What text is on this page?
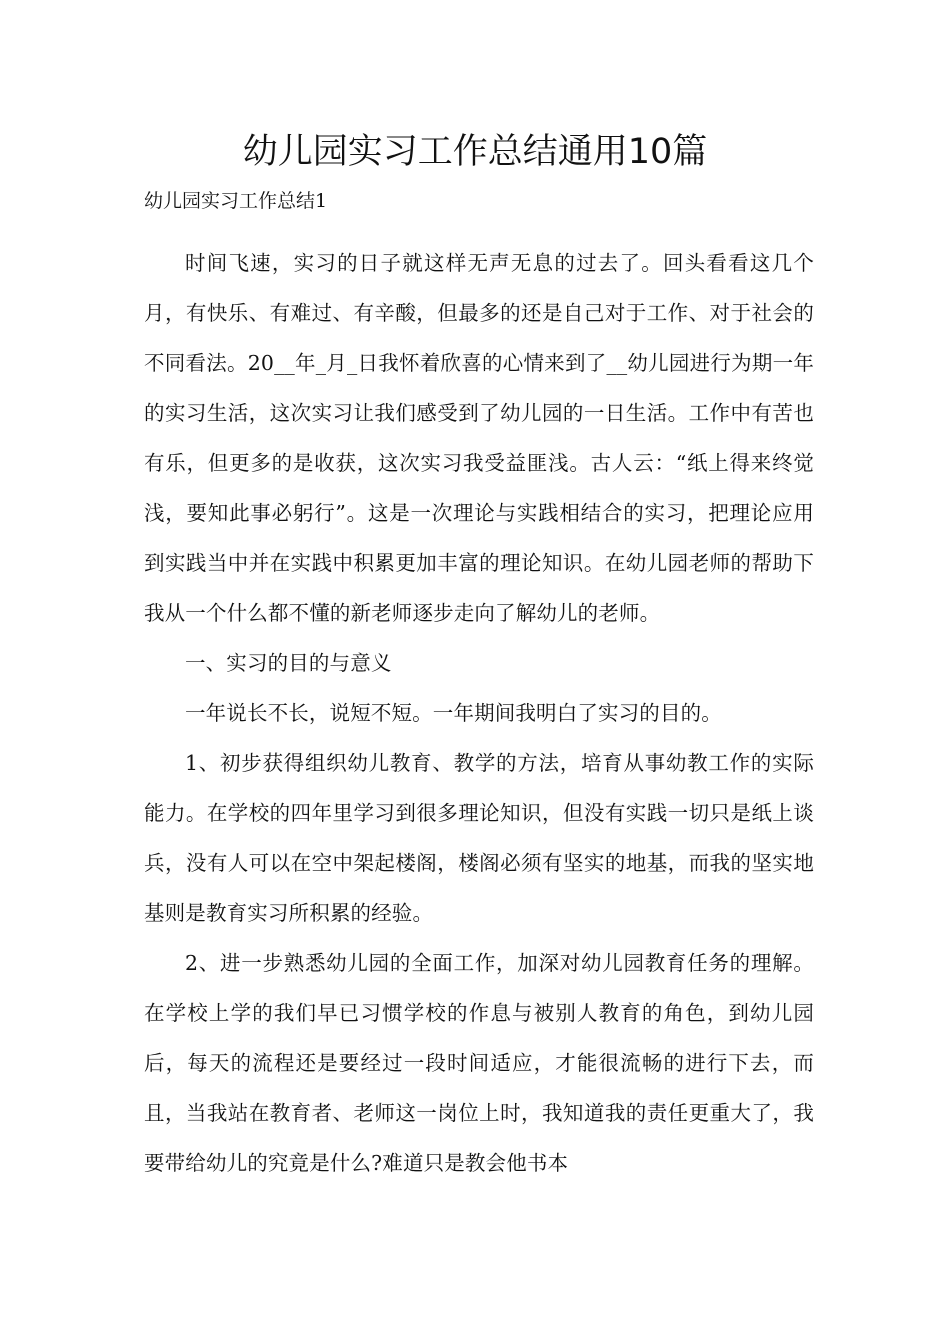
幼儿园实习工作总结通用10篇
幼儿园实习工作总结1

时间飞速，实习的日子就这样无声无息的过去了。回头看看这几个月，有快乐、有难过、有辛酸，但最多的还是自己对于工作、对于社会的不同看法。20__年_月_日我怀着欣喜的心情来到了__幼儿园进行为期一年的实习生活，这次实习让我们感受到了幼儿园的一日生活。工作中有苦也有乐，但更多的是收获，这次实习我受益匪浅。古人云：“纸上得来终觉浅，要知此事必躬行”。这是一次理论与实践相结合的实习，把理论应用到实践当中并在实践中积累更加丰富的理论知识。在幼儿园老师的帮助下我从一个什么都不懂的新老师逐步走向了解幼儿的老师。

一、实习的目的与意义

一年说长不长，说短不短。一年期间我明白了实习的目的。

1、初步获得组织幼儿教育、教学的方法，培育从事幼教工作的实际能力。在学校的四年里学习到很多理论知识，但没有实践一切只是纸上谈兵，没有人可以在空中架起楼阁，楼阁必须有坚实的地基，而我的坚实地基则是教育实习所积累的经验。

2、进一步熟悉幼儿园的全面工作，加深对幼儿园教育任务的理解。在学校上学的我们早已习惯学校的作息与被别人教育的角色，到幼儿园后，每天的流程还是要经过一段时间适应，才能很流畅的进行下去，而且，当我站在教育者、老师这一岗位上时，我知道我的责任更重大了，我要带给幼儿的究竟是什么?难道只是教会他书本
